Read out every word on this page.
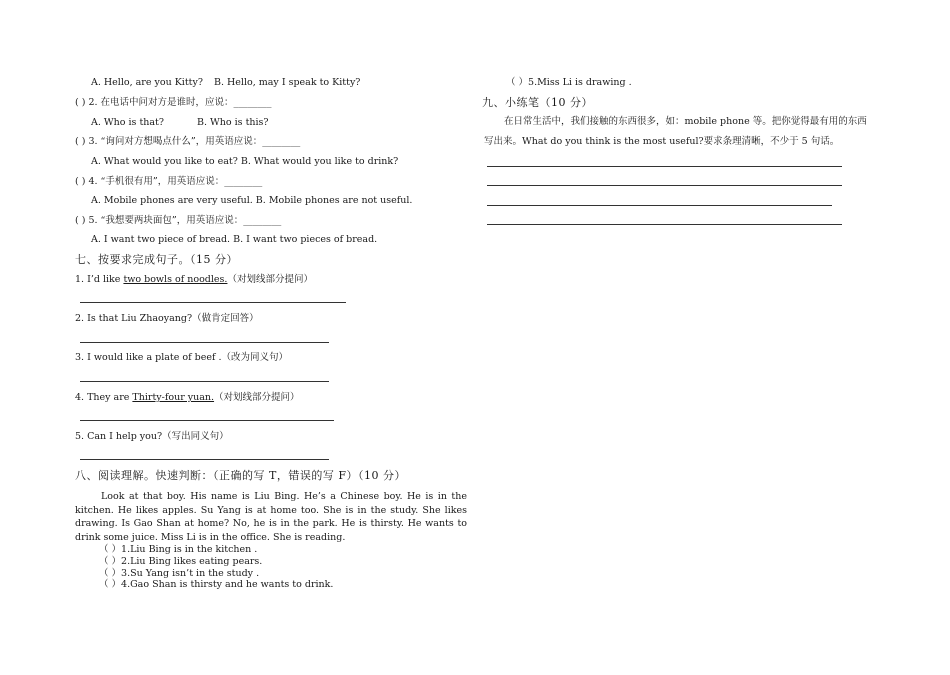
A. Hello, are you Kitty? B. Hello, may I speak to Kitty?
( ) 2. 在电话中问对方是谁时，应说：________
A. Who is that?	B. Who is this?
( ) 3. “询问对方想喝点什么”，用英语应说：________
A. What would you like to eat? B. What would you like to drink?
( ) 4. “手机很有用”，用英语应说：________
A. Mobile phones are very useful. B. Mobile phones are not useful.
( ) 5. “我想要两块面包”，用英语应说：________
A. I want two piece of bread. B. I want two pieces of bread.
七、按要求完成句子。（15 分）
1. I’d like two bowls of noodles.（对划线部分提问）
2. Is that Liu Zhaoyang?（做肯定回答）
3. I would like a plate of beef .（改为同义句）
4. They are Thirty-four yuan.（对划线部分提问）
5. Can I help you?（写出同义句）
八、阅读理解。快速判断：（正确的写 T，错误的写 F）（10 分）
Look at that boy. His name is Liu Bing. He’s a Chinese boy. He is in the kitchen. He likes apples. Su Yang is at home too. She is in the study. She likes drawing. Is Gao Shan at home? No, he is in the park. He is thirsty. He wants to drink some juice. Miss Li is in the office. She is reading.
（ ）1.Liu Bing is in the kitchen .
（ ）2.Liu Bing likes eating pears.
（ ）3.Su Yang isn’t in the study .
（ ）4.Gao Shan is thirsty and he wants to drink.
（ ）5.Miss Li is drawing .
九、小练笔（10 分）
在日常生活中，我们接触的东西很多，如：mobile phone 等。把你觉得最有用的东西写出来。What do you think is the most useful?要求条理清晰，不少于 5 句话。
